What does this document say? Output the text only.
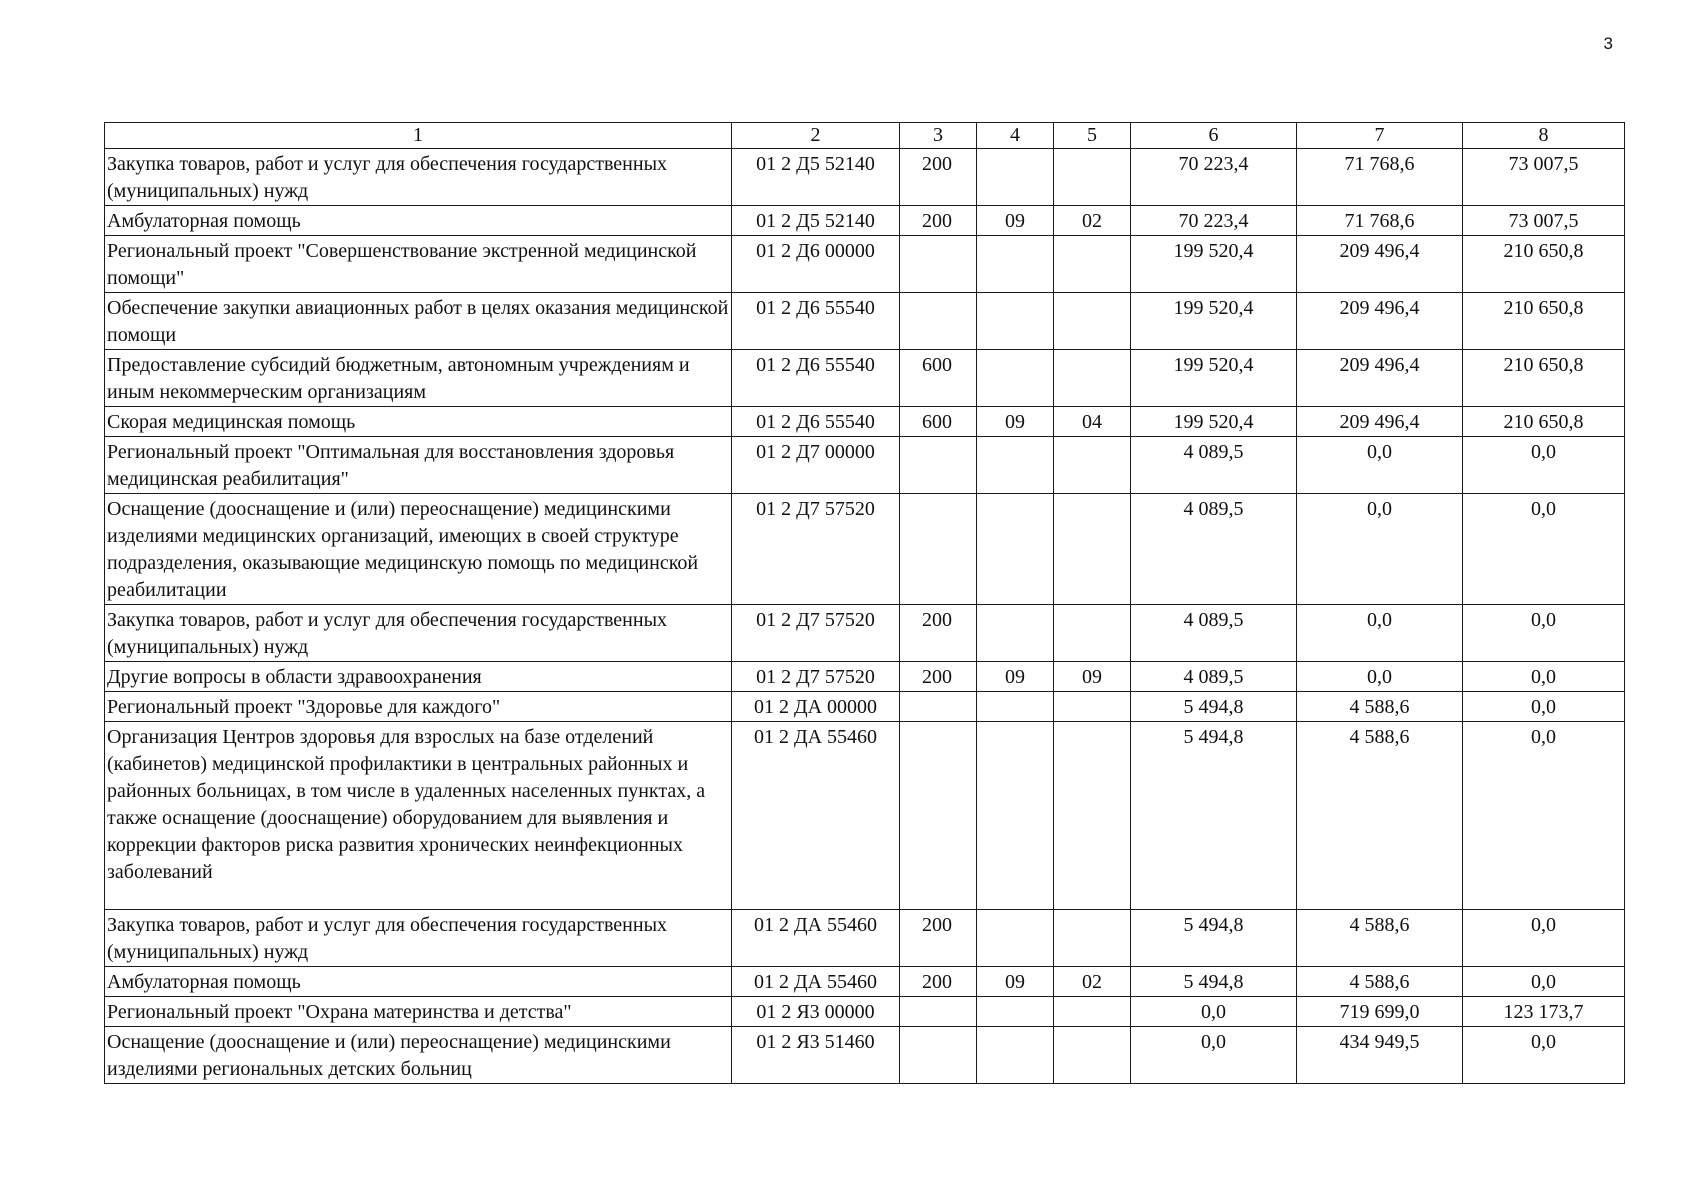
3
1	2	3	4	5	6	7	8
Закупка товаров, работ и услуг для обеспечения государственных (муниципальных) нужд	01 2 Д5 52140	200			70 223,4	71 768,6	73 007,5
Амбулаторная помощь	01 2 Д5 52140	200	09	02	70 223,4	71 768,6	73 007,5
Региональный проект "Совершенствование экстренной медицинской помощи"	01 2 Д6 00000				199 520,4	209 496,4	210 650,8
Обеспечение закупки авиационных работ в целях оказания медицинской помощи	01 2 Д6 55540				199 520,4	209 496,4	210 650,8
Предоставление субсидий бюджетным, автономным учреждениям и иным некоммерческим организациям	01 2 Д6 55540	600			199 520,4	209 496,4	210 650,8
Скорая медицинская помощь	01 2 Д6 55540	600	09	04	199 520,4	209 496,4	210 650,8
Региональный проект "Оптимальная для восстановления здоровья медицинская реабилитация"	01 2 Д7 00000				4 089,5	0,0	0,0
Оснащение (дооснащение и (или) переоснащение) медицинскими изделиями медицинских организаций, имеющих в своей структуре подразделения, оказывающие медицинскую помощь по медицинской реабилитации	01 2 Д7 57520				4 089,5	0,0	0,0
Закупка товаров, работ и услуг для обеспечения государственных (муниципальных) нужд	01 2 Д7 57520	200			4 089,5	0,0	0,0
Другие вопросы в области здравоохранения	01 2 Д7 57520	200	09	09	4 089,5	0,0	0,0
Региональный проект "Здоровье для каждого"	01 2 ДА 00000				5 494,8	4 588,6	0,0
Организация Центров здоровья для взрослых на базе отделений (кабинетов) медицинской профилактики в центральных районных и районных больницах, в том числе в удаленных населенных пунктах, а также оснащение (дооснащение) оборудованием для выявления и коррекции факторов риска развития хронических неинфекционных заболеваний	01 2 ДА 55460				5 494,8	4 588,6	0,0
Закупка товаров, работ и услуг для обеспечения государственных (муниципальных) нужд	01 2 ДА 55460	200			5 494,8	4 588,6	0,0
Амбулаторная помощь	01 2 ДА 55460	200	09	02	5 494,8	4 588,6	0,0
Региональный проект "Охрана материнства и детства"	01 2 Я3 00000				0,0	719 699,0	123 173,7
Оснащение (дооснащение и (или) переоснащение) медицинскими изделиями региональных детских больниц	01 2 Я3 51460				0,0	434 949,5	0,0
